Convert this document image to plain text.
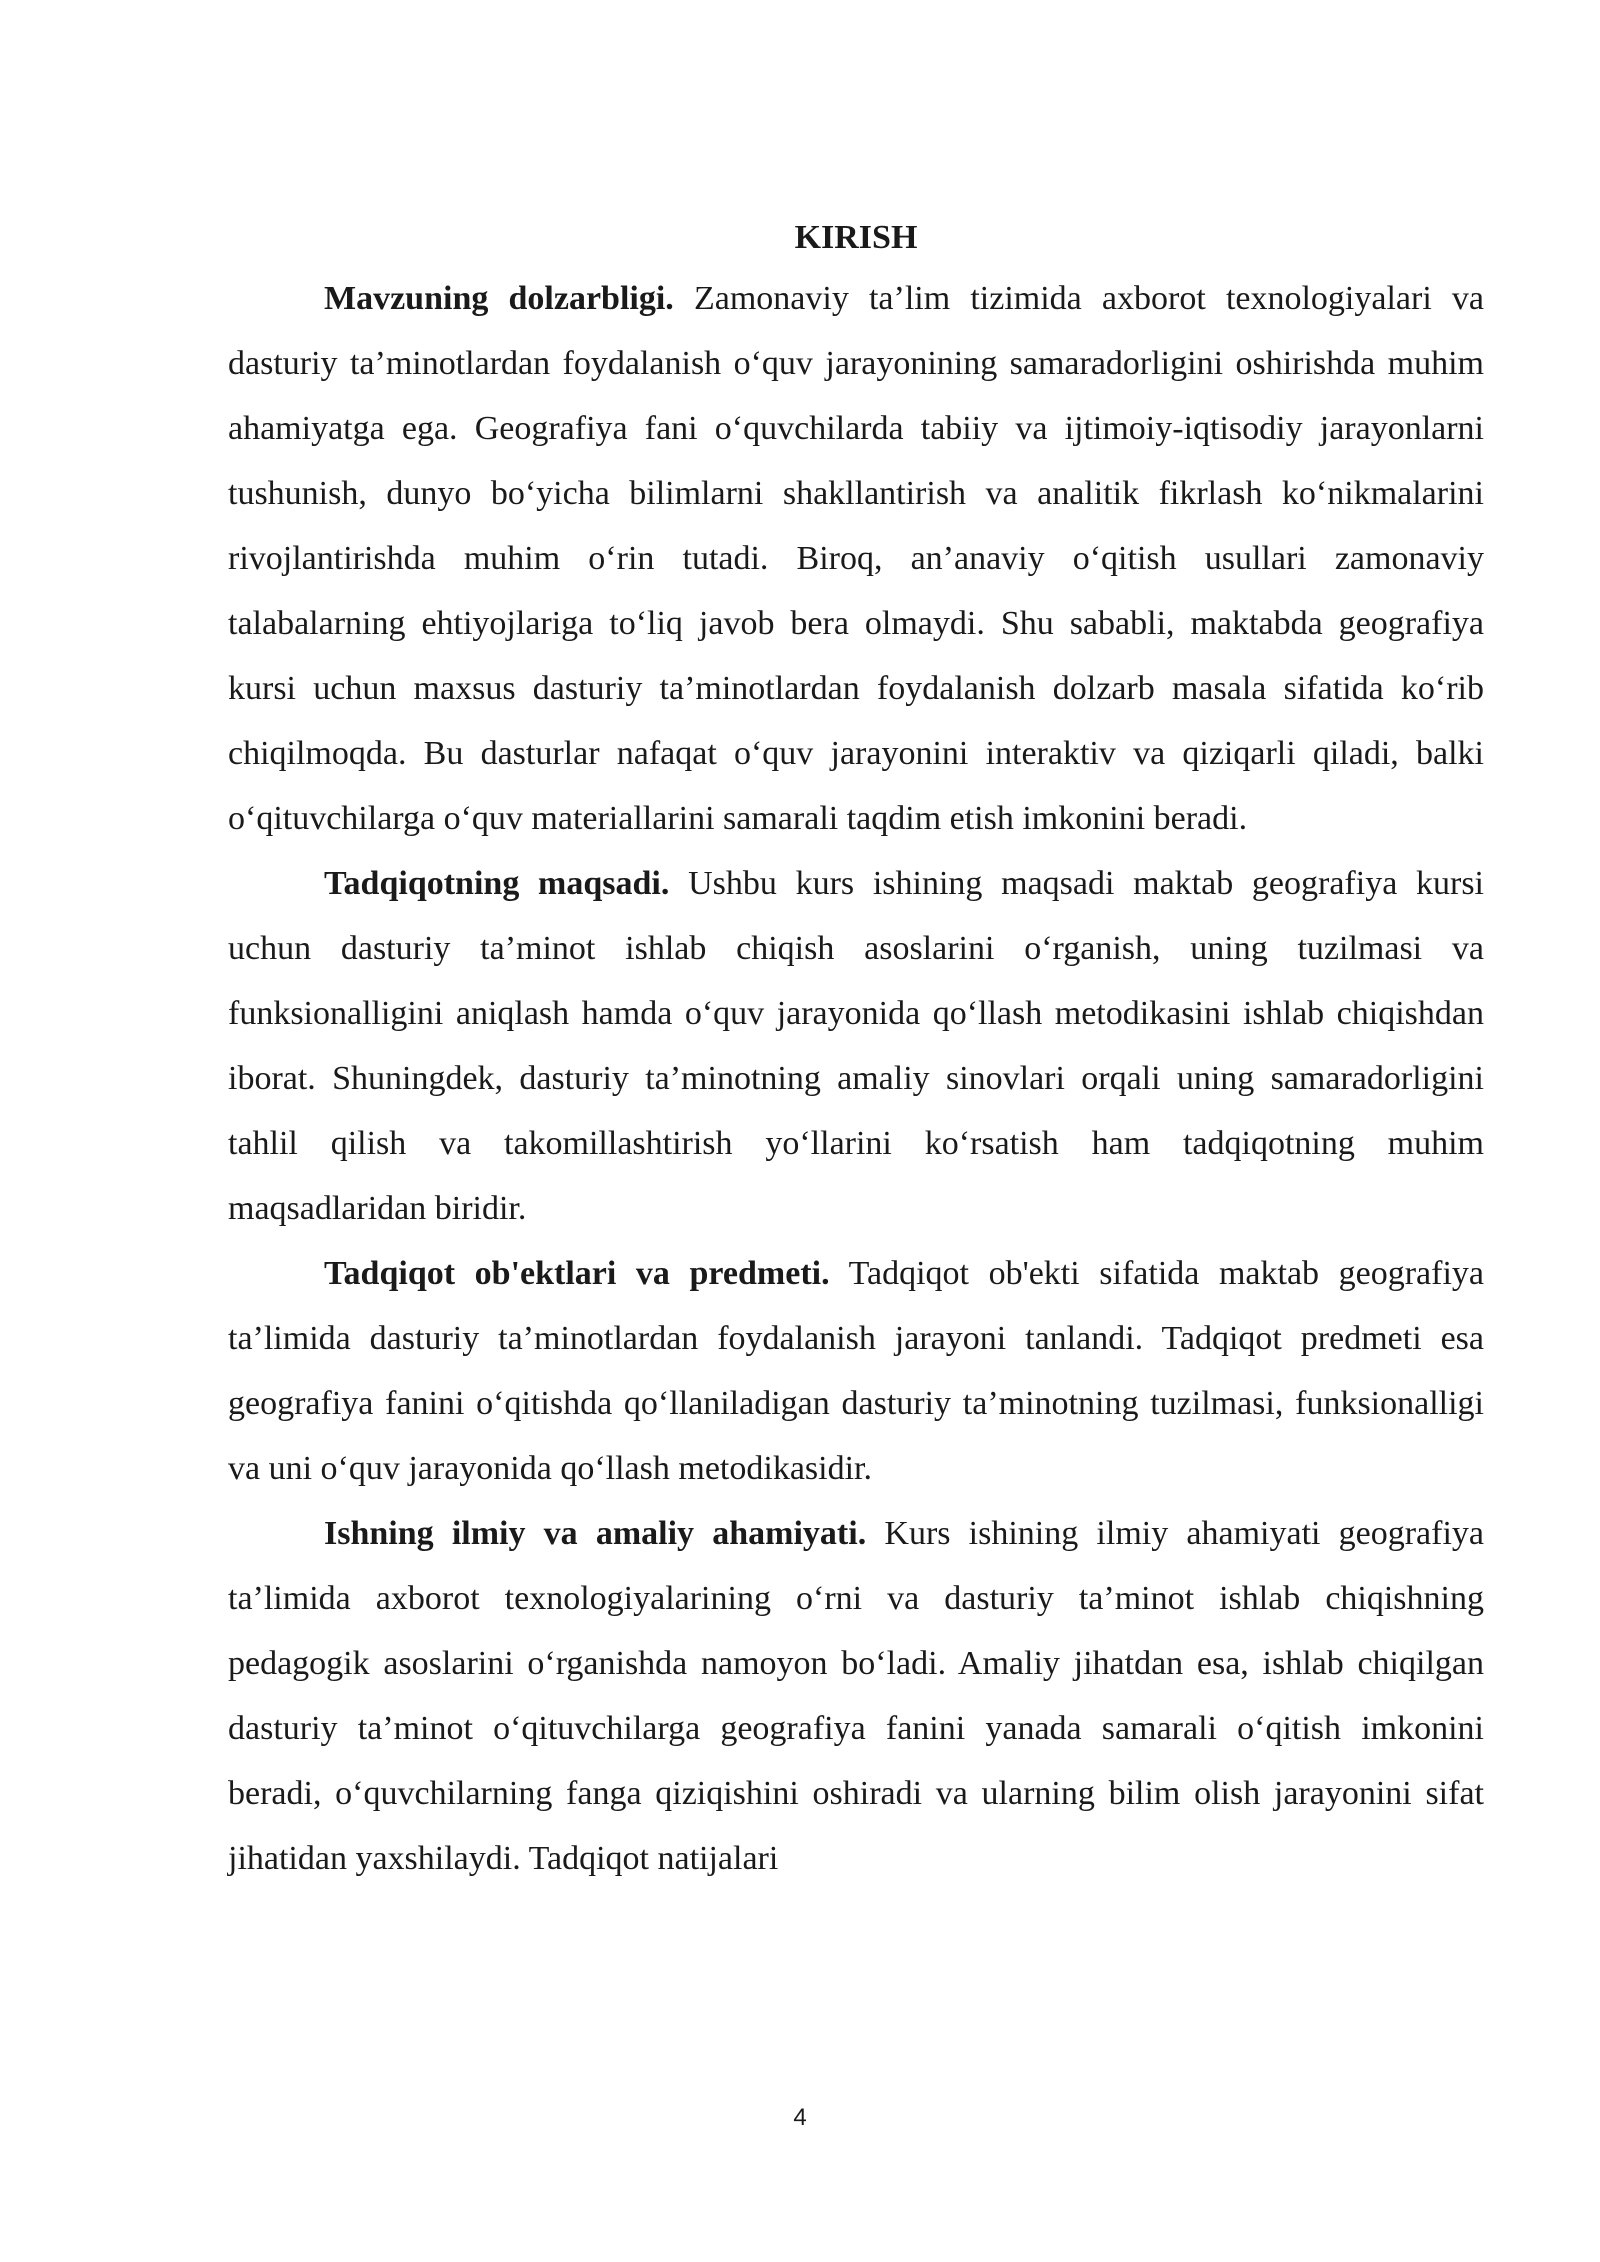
KIRISH

Mavzuning dolzarbligi. Zamonaviy ta’lim tizimida axborot texnologiyalari va dasturiy ta’minotlardan foydalanish o‘quv jarayonining samaradorligini oshirishda muhim ahamiyatga ega. Geografiya fani o‘quvchilarda tabiiy va ijtimoiy-iqtisodiy jarayonlarni tushunish, dunyo bo‘yicha bilimlarni shakllantirish va analitik fikrlash ko‘nikmalarini rivojlantirishda muhim o‘rin tutadi. Biroq, an’anaviy o‘qitish usullari zamonaviy talabalarning ehtiyojlariga to‘liq javob bera olmaydi. Shu sababli, maktabda geografiya kursi uchun maxsus dasturiy ta’minotlardan foydalanish dolzarb masala sifatida ko‘rib chiqilmoqda. Bu dasturlar nafaqat o‘quv jarayonini interaktiv va qiziqarli qiladi, balki o‘qituvchilarga o‘quv materiallarini samarali taqdim etish imkonini beradi.

Tadqiqotning maqsadi. Ushbu kurs ishining maqsadi maktab geografiya kursi uchun dasturiy ta’minot ishlab chiqish asoslarini o‘rganish, uning tuzilmasi va funksionalligini aniqlash hamda o‘quv jarayonida qo‘llash metodikasini ishlab chiqishdan iborat. Shuningdek, dasturiy ta’minotning amaliy sinovlari orqali uning samaradorligini tahlil qilish va takomillashtirish yo‘llarini ko‘rsatish ham tadqiqotning muhim maqsadlaridan biridir.

Tadqiqot ob'ektlari va predmeti. Tadqiqot ob'ekti sifatida maktab geografiya ta’limida dasturiy ta’minotlardan foydalanish jarayoni tanlandi. Tadqiqot predmeti esa geografiya fanini o‘qitishda qo‘llaniladigan dasturiy ta’minotning tuzilmasi, funksionalligi va uni o‘quv jarayonida qo‘llash metodikasidir.

Ishning ilmiy va amaliy ahamiyati. Kurs ishining ilmiy ahamiyati geografiya ta’limida axborot texnologiyalarining o‘rni va dasturiy ta’minot ishlab chiqishning pedagogik asoslarini o‘rganishda namoyon bo‘ladi. Amaliy jihatdan esa, ishlab chiqilgan dasturiy ta’minot o‘qituvchilarga geografiya fanini yanada samarali o‘qitish imkonini beradi, o‘quvchilarning fanga qiziqishini oshiradi va ularning bilim olish jarayonini sifat jihatidan yaxshilaydi. Tadqiqot natijalari

4
